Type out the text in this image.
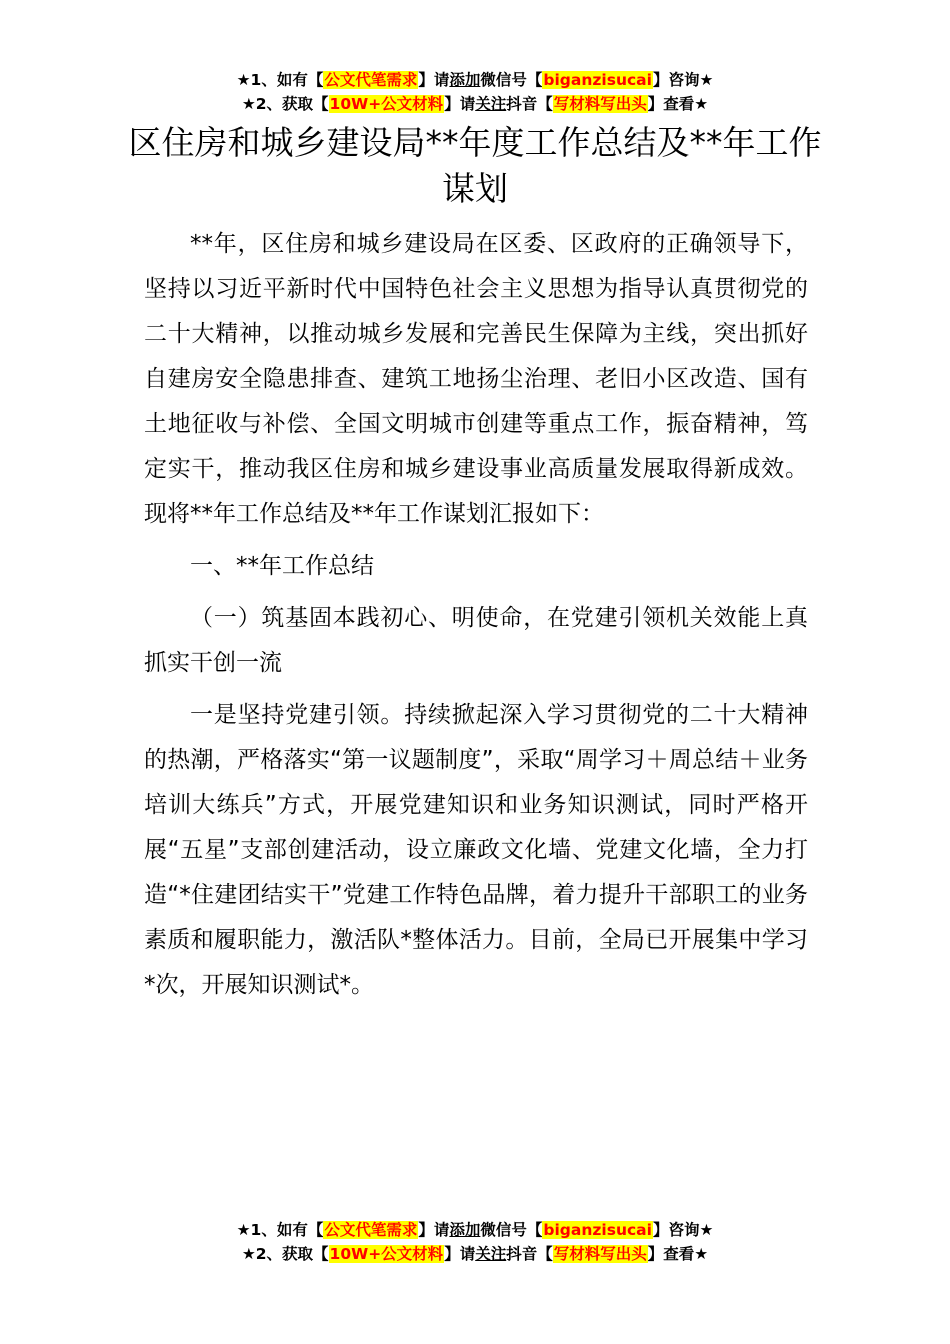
★1、如有【公文代笔需求】请添加微信号【biganzisucai】咨询★
★2、获取【10W+公文材料】请关注抖音【写材料写出头】查看★
区住房和城乡建设局**年度工作总结及**年工作谋划

**年，区住房和城乡建设局在区委、区政府的正确领导下，坚持以习近平新时代中国特色社会主义思想为指导认真贯彻党的二十大精神，以推动城乡发展和完善民生保障为主线，突出抓好自建房安全隐患排查、建筑工地扬尘治理、老旧小区改造、国有土地征收与补偿、全国文明城市创建等重点工作，振奋精神，笃定实干，推动我区住房和城乡建设事业高质量发展取得新成效。现将**年工作总结及**年工作谋划汇报如下：

一、**年工作总结

（一）筑基固本践初心、明使命，在党建引领机关效能上真抓实干创一流

一是坚持党建引领。持续掀起深入学习贯彻党的二十大精神的热潮，严格落实“第一议题制度”，采取“周学习＋周总结＋业务培训大练兵”方式，开展党建知识和业务知识测试，同时严格开展“五星”支部创建活动，设立廉政文化墙、党建文化墙，全力打造“*住建团结实干”党建工作特色品牌，着力提升干部职工的业务素质和履职能力，激活队*整体活力。目前，全局已开展集中学习*次，开展知识测试*。

★1、如有【公文代笔需求】请添加微信号【biganzisucai】咨询★
★2、获取【10W+公文材料】请关注抖音【写材料写出头】查看★
